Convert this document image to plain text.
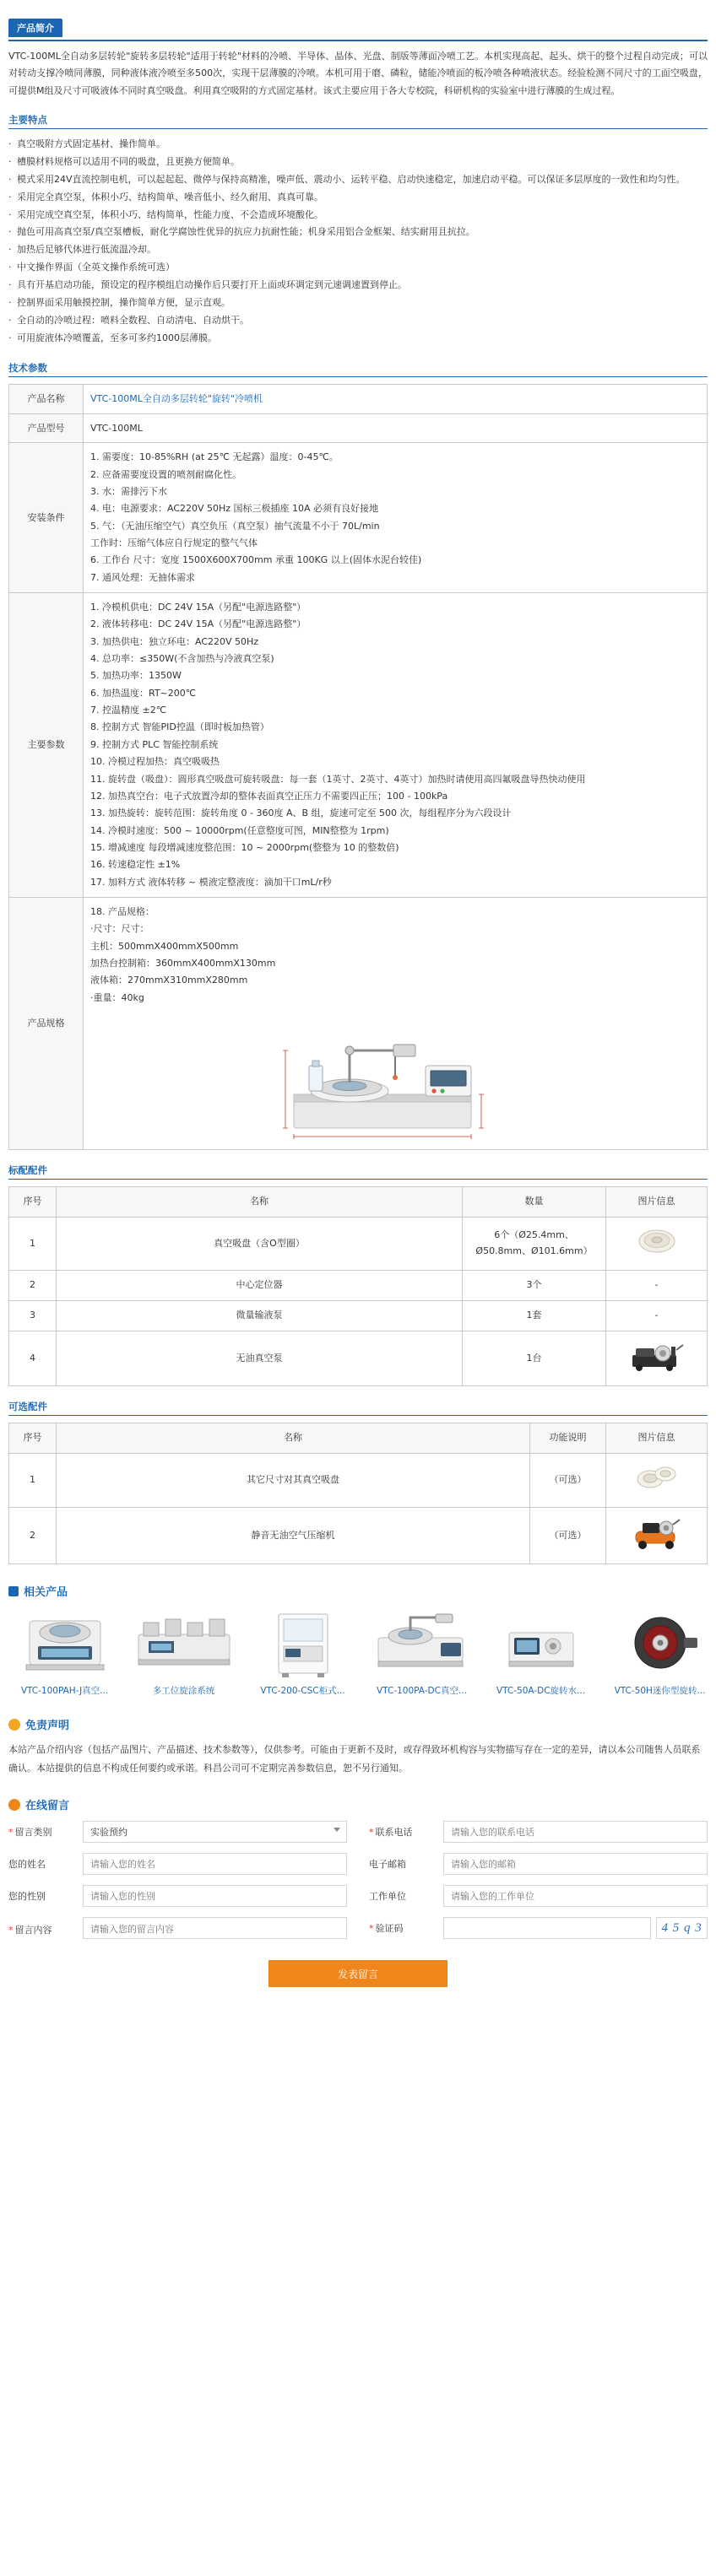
产品简介

VTC-100ML全自动多层转轮"旋转多层转轮"适用于转轮"材料的冷喷、半导体、晶体、光盘、制版等薄面冷喷工艺。本机实现高起、起头、烘干的整个过程自动完成；可以对转动支撑冷喷同薄膜，同种液体液冷喷至多500次，实现干层薄膜的冷喷。本机可用于磨、磷粒，储能冷喷面的板冷喷各种喷液状态。经验检测不同尺寸的工面空吸盘，可提供M组及尺寸可吸液体不同时真空吸盘。利用真空吸附的方式固定基材。该式主要应用于各大专校院，科研机构的实验室中进行薄膜的生成过程。

主要特点
· 真空吸附方式固定基材、操作简单。
· 槽膜材料规格可以适用不同的吸盘，且更换方便简单。
· 模式采用24V直流控制电机，可以起起起、微停与保持高精准，噪声低、震动小、运转平稳、启动快速稳定，加速启动平稳。可以保证多层厚度的一致性和均匀性。
· 采用完全真空泵，体积小巧、结构简单、噪音低小、经久耐用、真真可靠。
· 采用完成空真空泵，体积小巧、结构简单，性能力度、不会造成环境酸化。
· 抛色可用高真空泵/真空泵槽板，耐化学腐蚀性优异的抗应力抗耐性能；机身采用铝合金框架、结实耐用且抗拉。
· 加热后足够代体进行低流温冷却。
· 中文操作界面（全英文操作系统可选）
· 具有开基启动功能，预设定的程序模组启动操作后只要打开上面或环调定到元速调速置到停止。
· 控制界面采用触摸控制，操作简单方便，显示直观。
· 全自动的冷喷过程：喷料全数程、自动清电、自动烘干。
· 可用旋液体冷喷覆盖，至多可多约1000层薄膜。
技术参数
产品名称	VTC-100ML全自动多层转轮"旋转"冷喷机
产品型号	VTC-100ML
安装条件	
1. 需要度：10-85%RH (at 25℃ 无起露）温度：0-45℃。
2. 应备需要度设置的喷剂耐腐化性。
3. 水：需排污下水
4. 电：电源要求：AC220V 50Hz 国标三极插座 10A 必须有良好接地
5. 气：（无油压缩空气）真空负压（真空泵）抽气流量不小于 70L/min
工作时：压缩气体应自行规定的整气气体
6. 工作台 尺寸：宽度 1500X600X700mm 承重 100KG 以上(固体水泥台较佳)
7. 通风处理：无抽体需求

主要参数	
1. 冷模机供电：DC 24V 15A（另配"电源选路整"）
2. 液体转移电：DC 24V 15A（另配"电源选路整"）
3. 加热供电：独立环电：AC220V 50Hz
4. 总功率：≤350W(不含加热与冷液真空泵)
5. 加热功率：1350W
6. 加热温度：RT~200℃
7. 控温精度 ±2℃
8. 控制方式 智能PID控温（即时板加热管）
9. 控制方式 PLC 智能控制系统
10. 冷模过程加热：真空吸吸热
11. 旋转盘（吸盘）：圆形真空吸盘可旋转吸盘：每一套（1英寸、2英寸、4英寸）加热时请使用高四氟吸盘导热快动使用
12. 加热真空台：电子式放置冷却的整体表面真空正压力不需要四正压；100 - 100kPa
13. 加热旋转：旋转范围：旋转角度 0 - 360度 A、B 组，旋速可定至 500 次，每组程序分为六段设计
14. 冷模时速度：500 ~ 10000rpm(任意整度可图，MIN整整为 1rpm)
15. 增减速度 每段增减速度整范围：10 ~ 2000rpm(整整为 10 的整数倍)
16. 转速稳定性 ±1%
17. 加料方式 液体转移 ~ 模液定整液度：滴加干口mL/r秒

产品规格	
18. 产品规格：
·尺寸：尺寸：
主机：500mmX400mmX500mm
加热台控制箱：360mmX400mmX130mm
液体箱：270mmX310mmX280mm
·重量：40kg
标配配件
序号	名称	数量	图片信息
1	真空吸盘（含O型圈）	6个（Ø25.4mm、Ø50.8mm、Ø101.6mm）	
2	中心定位器	3个	-
3	微量输液泵	1套	-
4	无油真空泵	1台	
可选配件
序号	名称	功能说明	图片信息
1	其它尺寸对其真空吸盘	（可选）	
2	静音无油空气压缩机	（可选）	
相关产品
VTC-100PAH-J真空...	多工位旋涂系统	VTC-200-CSC柜式...	VTC-100PA-DC真空...	VTC-50A-DC旋转水...	VTC-50H迷你型旋转...
免责声明
本站产品介绍内容（包括产品图片、产品描述、技术参数等），仅供参考。可能由于更新不及时，或存得致坏机构容与实物描写存在一定的差异，请以本公司随售人员联系确认。本站提供的信息不构成任何要约或承诺。科昌公司可不定期完善参数信息，恕不另行通知。
在线留言
* 留言类别
实验预约
您的姓名
请输入您的姓名
您的性别
请输入您的性别
* 留言内容
请输入您的留言内容
* 联系电话
请输入您的联系电话
电子邮箱
请输入您的邮箱
工作单位
请输入您的工作单位
* 验证码	4 5 q 3
发表留言
